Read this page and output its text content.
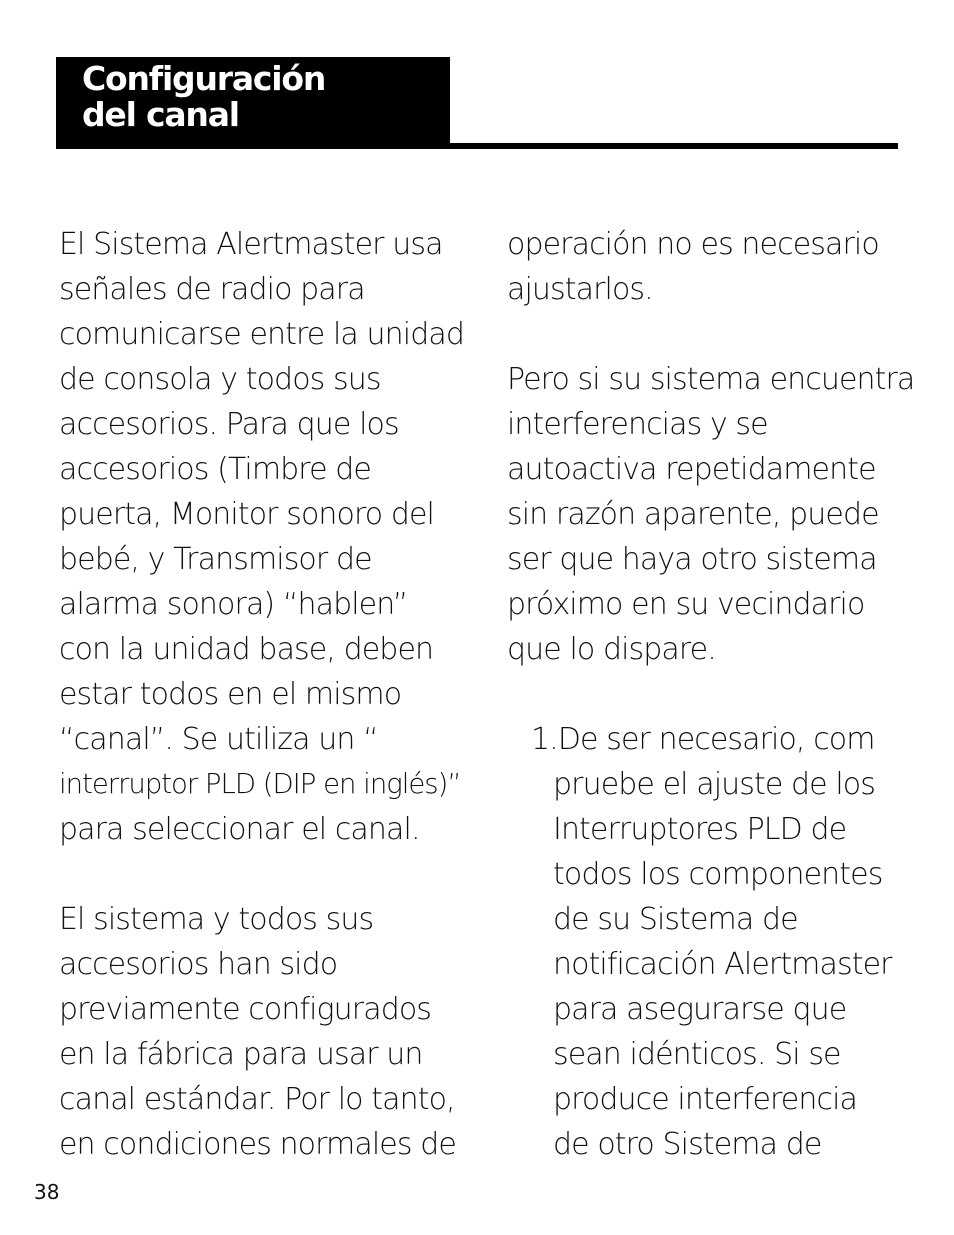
Configuración
del canal
El Sistema Alertmaster usa
señales de radio para
comunicarse entre la unidad
de consola y todos sus
accesorios. Para que los
accesorios (Timbre de
puerta, Monitor sonoro del
bebé, y Transmisor de
alarma sonora) “hablen”
con la unidad base, deben
estar todos en el mismo
“canal”. Se utiliza un “
interruptor PLD (DIP en inglés)”
para seleccionar el canal.
El sistema y todos sus
accesorios han sido
previamente configurados
en la fábrica para usar un
canal estándar. Por lo tanto,
en condiciones normales de
operación no es necesario
ajustarlos.
Pero si su sistema encuentra
interferencias y se
autoactiva repetidamente
sin razón aparente, puede
ser que haya otro sistema
próximo en su vecindario
que lo dispare.
1.De ser necesario, com
pruebe el ajuste de los
Interruptores PLD de
todos los componentes
de su Sistema de
notificación Alertmaster
para asegurarse que
sean idénticos. Si se
produce interferencia
de otro Sistema de
38
